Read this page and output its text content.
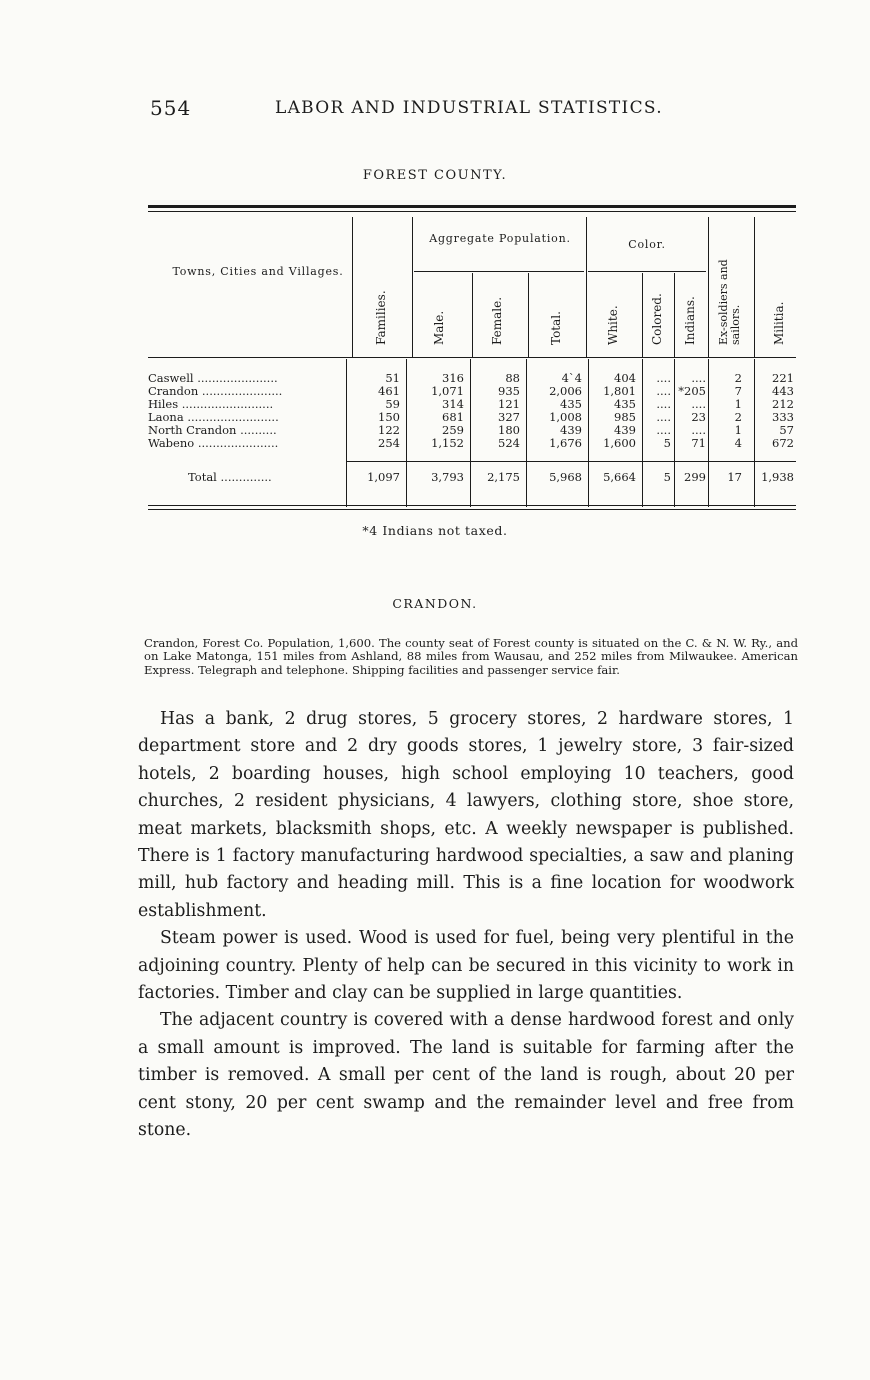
554	LABOR AND INDUSTRIAL STATISTICS.
FOREST COUNTY.
Towns, Cities and Villages.
Aggregate Population.	Color.
Families.	Male.	Female.	Total.	White.	Colored. Indians. Ex-soldiers and sailors.	Militia.
Caswell ......................	51	316	88	4`4	404	....	....	2	221
Crandon ......................	461	1,071	935	2,006	1,801	.... *205	7	443
Hiles .........................	59	314	121	435	435	....	....	1	212
Laona .........................	150	681	327	1,008	985	....	23	2	333
North Crandon ..........	122	259	180	439	439	....	....	1	57
Wabeno ......................	254	1,152	524	1,676	1,600	5	71	4	672
Total ..............	1,097	3,793	2,175	5,968	5,664	5	299	17	1,938
*4 Indians not taxed.
CRANDON.

Crandon, Forest Co. Population, 1,600. The county seat of Forest county is situated on the C. & N. W. Ry., and on Lake Matonga, 151 miles from Ashland, 88 miles from Wausau, and 252 miles from Milwaukee. American Express. Telegraph and telephone. Shipping facilities and passenger service fair.

Has a bank, 2 drug stores, 5 grocery stores, 2 hardware stores, 1 department store and 2 dry goods stores, 1 jewelry store, 3 fair-sized hotels, 2 boarding houses, high school employing 10 teachers, good churches, 2 resident physicians, 4 lawyers, clothing store, shoe store, meat markets, blacksmith shops, etc. A weekly newspaper is published. There is 1 factory manufacturing hardwood specialties, a saw and planing mill, hub factory and heading mill. This is a fine location for woodwork establishment.

Steam power is used. Wood is used for fuel, being very plentiful in the adjoining country. Plenty of help can be secured in this vicinity to work in factories. Timber and clay can be supplied in large quantities.

The adjacent country is covered with a dense hardwood forest and only a small amount is improved. The land is suitable for farming after the timber is removed. A small per cent of the land is rough, about 20 per cent stony, 20 per cent swamp and the remainder level and free from stone.
